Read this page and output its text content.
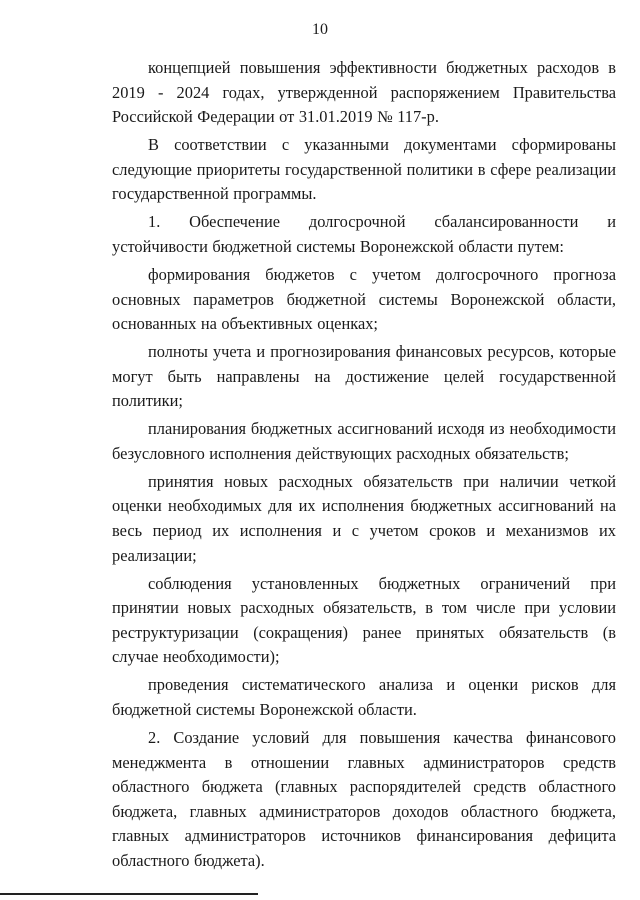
10

концепцией повышения эффективности бюджетных расходов в 2019 - 2024 годах, утвержденной распоряжением Правительства Российской Федерации от 31.01.2019 № 117-р.

В соответствии с указанными документами сформированы следующие приоритеты государственной политики в сфере реализации государственной программы.

1. Обеспечение долгосрочной сбалансированности и устойчивости бюджетной системы Воронежской области путем:

формирования бюджетов с учетом долгосрочного прогноза основных параметров бюджетной системы Воронежской области, основанных на объективных оценках;

полноты учета и прогнозирования финансовых ресурсов, которые могут быть направлены на достижение целей государственной политики;

планирования бюджетных ассигнований исходя из необходимости безусловного исполнения действующих расходных обязательств;

принятия новых расходных обязательств при наличии четкой оценки необходимых для их исполнения бюджетных ассигнований на весь период их исполнения и с учетом сроков и механизмов их реализации;

соблюдения установленных бюджетных ограничений при принятии новых расходных обязательств, в том числе при условии реструктуризации (сокращения) ранее принятых обязательств (в случае необходимости);

проведения систематического анализа и оценки рисков для бюджетной системы Воронежской области.

2. Создание условий для повышения качества финансового менеджмента в отношении главных администраторов средств областного бюджета (главных распорядителей средств областного бюджета, главных администраторов доходов областного бюджета, главных администраторов источников финансирования дефицита областного бюджета).
